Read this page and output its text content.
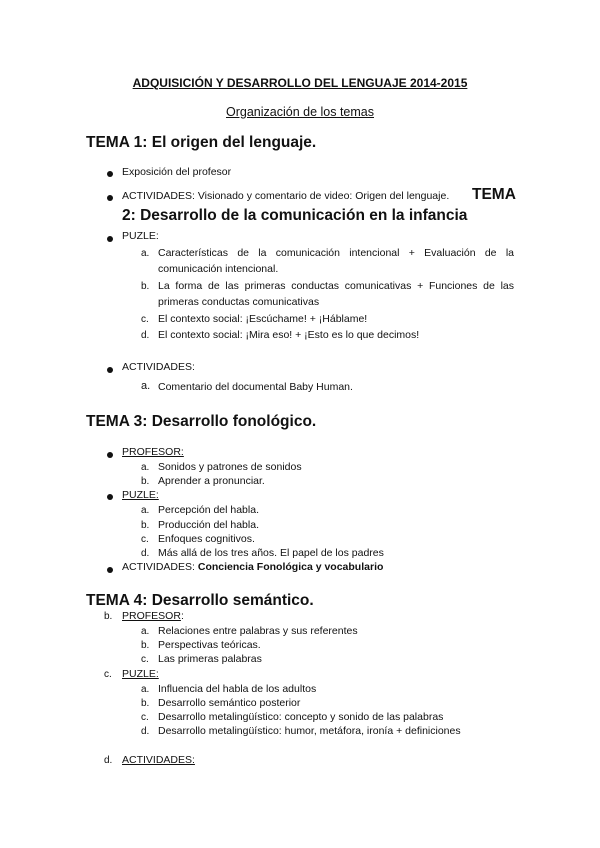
ADQUISICIÓN Y DESARROLLO DEL LENGUAJE 2014-2015
Organización de los temas
TEMA 1: El origen del lenguaje.
Exposición del profesor
ACTIVIDADES: Visionado y comentario de video: Origen del lenguaje. TEMA
2: Desarrollo de la comunicación en la infancia
PUZLE:
a. Características de la comunicación intencional + Evaluación de la
comunicación intencional.
b. La forma de las primeras conductas comunicativas + Funciones de las
primeras conductas comunicativas
c. El contexto social: ¡Escúchame! + ¡Háblame!
d. El contexto social: ¡Mira eso! + ¡Esto es lo que decimos!
ACTIVIDADES:
a. Comentario del documental Baby Human.
TEMA 3: Desarrollo fonológico.
PROFESOR:
a. Sonidos y patrones de sonidos
b. Aprender a pronunciar.
PUZLE:
a. Percepción del habla.
b. Producción del habla.
c. Enfoques cognitivos.
d. Más allá de los tres años. El papel de los padres
ACTIVIDADES: Conciencia Fonológica y vocabulario
TEMA 4: Desarrollo semántico.
b. PROFESOR:
a. Relaciones entre palabras y sus referentes
b. Perspectivas teóricas.
c. Las primeras palabras
c. PUZLE:
a. Influencia del habla de los adultos
b. Desarrollo semántico posterior
c. Desarrollo metalingüístico: concepto y sonido de las palabras
d. Desarrollo metalingüístico: humor, metáfora, ironía + definiciones
d. ACTIVIDADES:
